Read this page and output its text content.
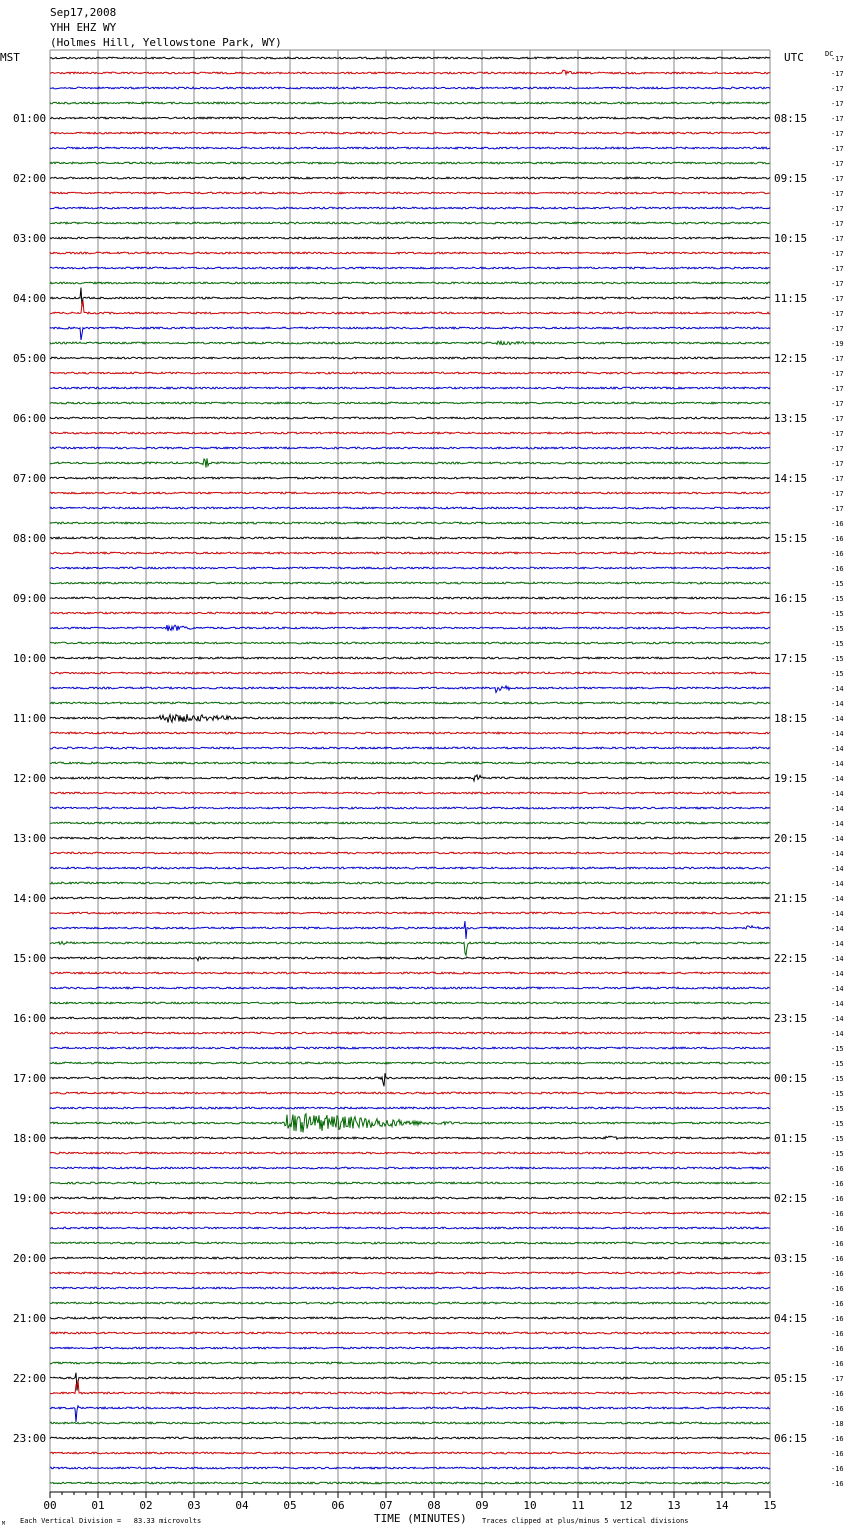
Sep17,2008
YHH EHZ WY
(Holmes Hill, Yellowstone Park, WY)
MST	UTC	DC
01:00
02:00
03:00
04:00
05:00
06:00
07:00
08:00
09:00
10:00
11:00
12:00
13:00
14:00
15:00
16:00
17:00
18:00
19:00
20:00
21:00
22:00
23:00
08:15
09:15
10:15
11:15
12:15
13:15
14:15
15:15
16:15
17:15
18:15
19:15
20:15
21:15
22:15
23:15
00:15
01:15
02:15
03:15
04:15
05:15
06:15
-17
-17
-17
-17
-17
-17
-17
-17
-17
-17
-17
-17
-17
-17
-17
-17
-17
-17
-17
-19
-17
-17
-17
-17
-17
-17
-17
-17
-17
-17
-17
-16
-16
-16
-16
-15
-15
-15
-15
-15
-15
-15
-14
-14
-14
-14
-14
-14
-14
-14
-14
-14
-14
-14
-14
-14
-14
-14
-14
-14
-14
-14
-14
-14
-14
-14
-15
-15
-15
-15
-15
-15
-15
-15
-16
-16
-16
-16
-16
-16
-16
-16
-16
-16
-16
-16
-16
-16
-17
-16
-16
-18
-16
-16
-16
-16
00	01	02	03	04	05	06	07	08	09	10	11	12	13	14	15
TIME (MINUTES)
Each Vertical Division =   83.33 microvolts	Traces clipped at plus/minus 5 vertical divisions
M
